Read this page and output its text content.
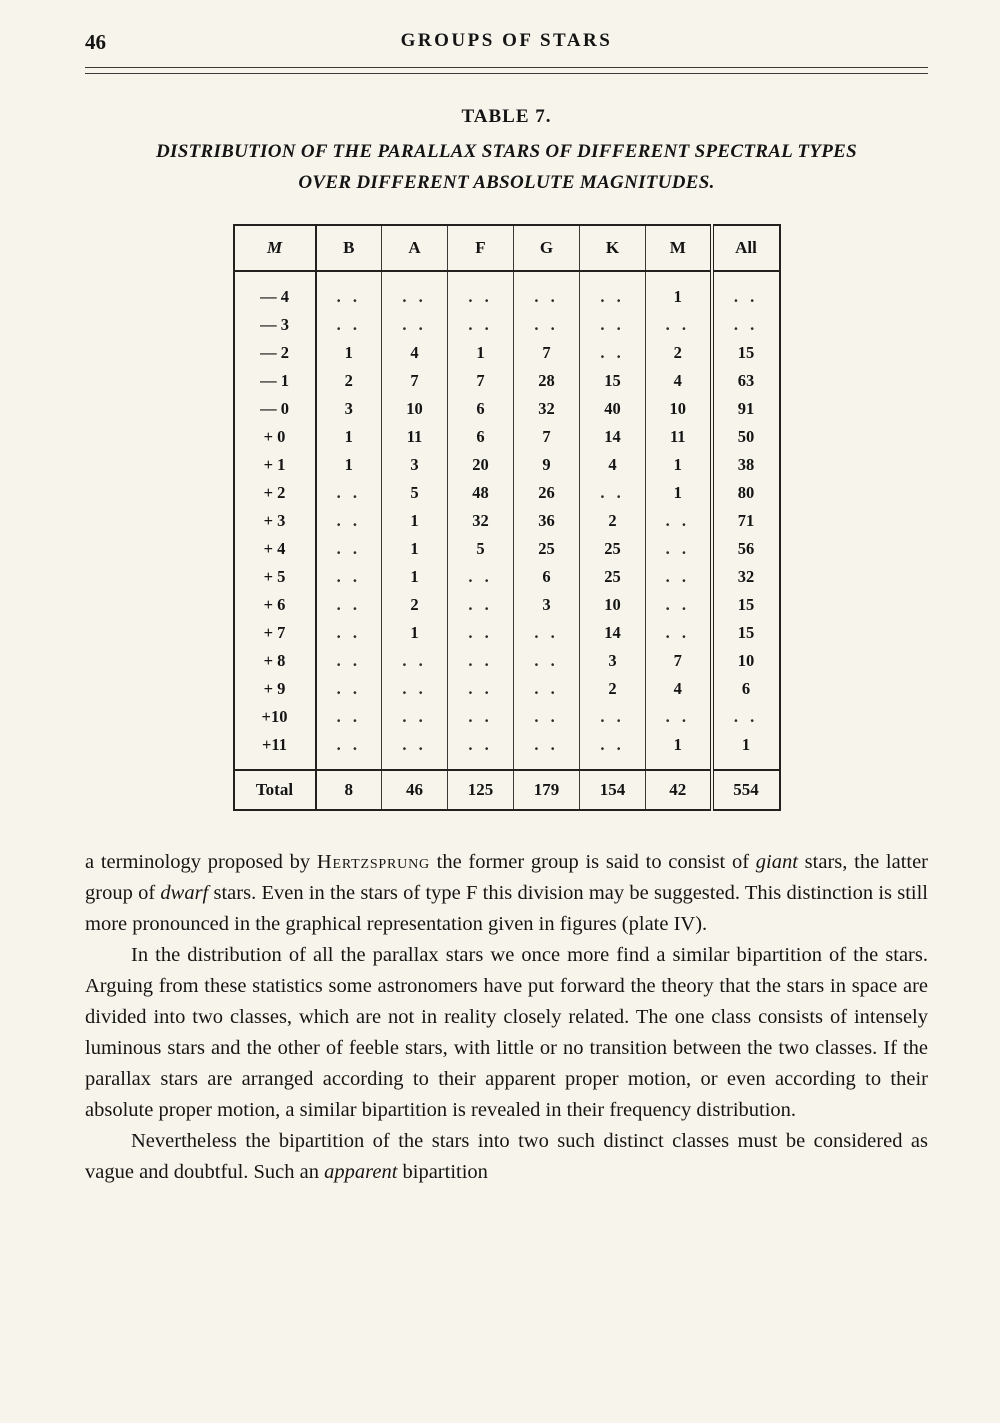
46	GROUPS OF STARS
TABLE 7.
DISTRIBUTION OF THE PARALLAX STARS OF DIFFERENT SPECTRAL TYPES
OVER DIFFERENT ABSOLUTE MAGNITUDES.
M	B	A	F	G	K	M	All
— 4	. .	. .	. .	. .	. .	1	. .
— 3	. .	. .	. .	. .	. .	. .	. .
— 2	1	4	1	7	. .	2	15
— 1	2	7	7	28	15	4	63
— 0	3	10	6	32	40	10	91
+ 0	1	11	6	7	14	11	50
+ 1	1	3	20	9	4	1	38
+ 2	. .	5	48	26	. .	1	80
+ 3	. .	1	32	36	2	. .	71
+ 4	. .	1	5	25	25	. .	56
+ 5	. .	1	. .	6	25	. .	32
+ 6	. .	2	. .	3	10	. .	15
+ 7	. .	1	. .	. .	14	. .	15
+ 8	. .	. .	. .	. .	3	7	10
+ 9	. .	. .	. .	. .	2	4	6
+10	. .	. .	. .	. .	. .	. .	. .
+11	. .	. .	. .	. .	. .	1	1
Total	8	46	125	179	154	42	554

a terminology proposed by Hertzsprung the former group is said to consist of giant stars, the latter group of dwarf stars. Even in the stars of type F this division may be suggested. This distinction is still more pronounced in the graphical representation given in figures (plate IV).

In the distribution of all the parallax stars we once more find a similar bipartition of the stars. Arguing from these statistics some astronomers have put forward the theory that the stars in space are divided into two classes, which are not in reality closely related. The one class consists of intensely luminous stars and the other of feeble stars, with little or no transition between the two classes. If the parallax stars are arranged according to their apparent proper motion, or even according to their absolute proper motion, a similar bipartition is revealed in their frequency distribution.

Nevertheless the bipartition of the stars into two such distinct classes must be considered as vague and doubtful. Such an apparent bipartition
